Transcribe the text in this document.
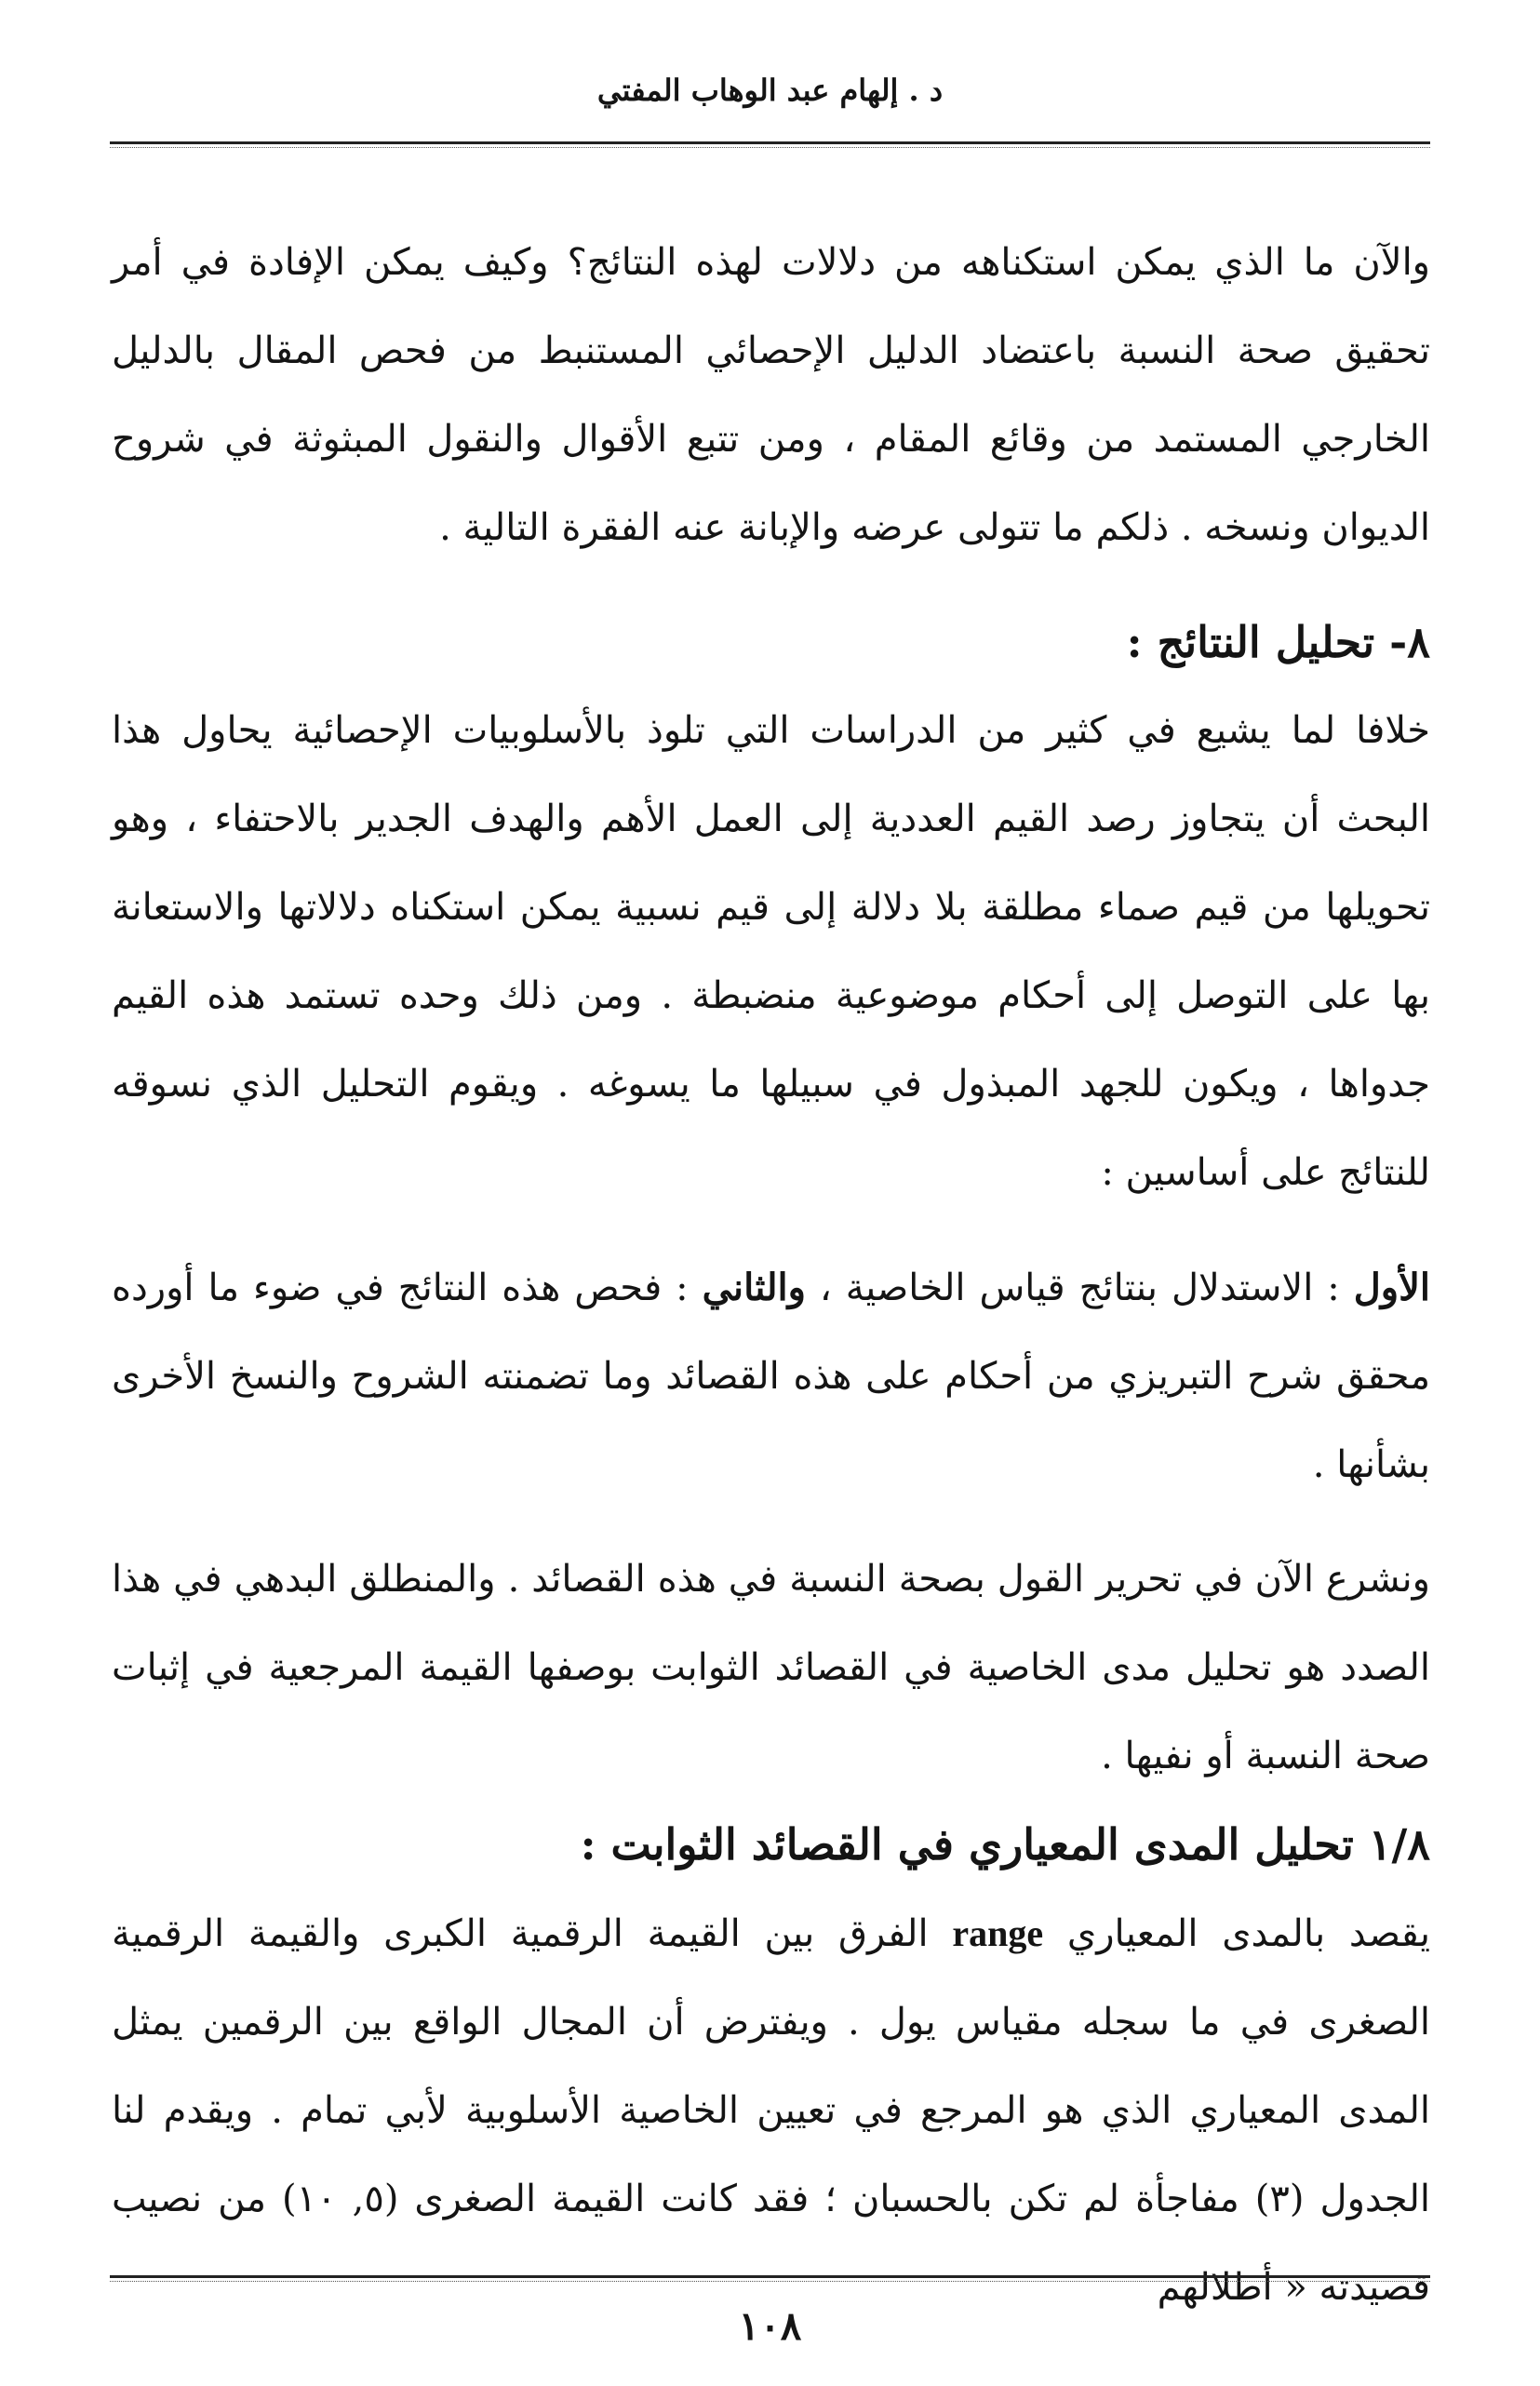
د . إلهام عبد الوهاب المفتي

والآن ما الذي يمكن استكناهه من دلالات لهذه النتائج؟ وكيف يمكن الإفادة في أمر تحقيق صحة النسبة باعتضاد الدليل الإحصائي المستنبط من فحص المقال بالدليل الخارجي المستمد من وقائع المقام ، ومن تتبع الأقوال والنقول المبثوثة في شروح الديوان ونسخه . ذلكم ما تتولى عرضه والإبانة عنه الفقرة التالية .

٨- تحليل النتائج :

خلافا لما يشيع في كثير من الدراسات التي تلوذ بالأسلوبيات الإحصائية يحاول هذا البحث أن يتجاوز رصد القيم العددية إلى العمل الأهم والهدف الجدير بالاحتفاء ، وهو تحويلها من قيم صماء مطلقة بلا دلالة إلى قيم نسبية يمكن استكناه دلالاتها والاستعانة بها على التوصل إلى أحكام موضوعية منضبطة . ومن ذلك وحده تستمد هذه القيم جدواها ، ويكون للجهد المبذول في سبيلها ما يسوغه . ويقوم التحليل الذي نسوقه للنتائج على أساسين :

الأول : الاستدلال بنتائج قياس الخاصية ، والثاني : فحص هذه النتائج في ضوء ما أورده محقق شرح التبريزي من أحكام على هذه القصائد وما تضمنته الشروح والنسخ الأخرى بشأنها .

ونشرع الآن في تحرير القول بصحة النسبة في هذه القصائد . والمنطلق البدهي في هذا الصدد هو تحليل مدى الخاصية في القصائد الثوابت بوصفها القيمة المرجعية في إثبات صحة النسبة أو نفيها .

١/٨ تحليل المدى المعياري في القصائد الثوابت :

يقصد بالمدى المعياري range الفرق بين القيمة الرقمية الكبرى والقيمة الرقمية الصغرى في ما سجله مقياس يول . ويفترض أن المجال الواقع بين الرقمين يمثل المدى المعياري الذي هو المرجع في تعيين الخاصية الأسلوبية لأبي تمام . ويقدم لنا الجدول (٣) مفاجأة لم تكن بالحسبان ؛ فقد كانت القيمة الصغرى (٥, ١٠) من نصيب قصيدته « أطلالهم

١٠٨
